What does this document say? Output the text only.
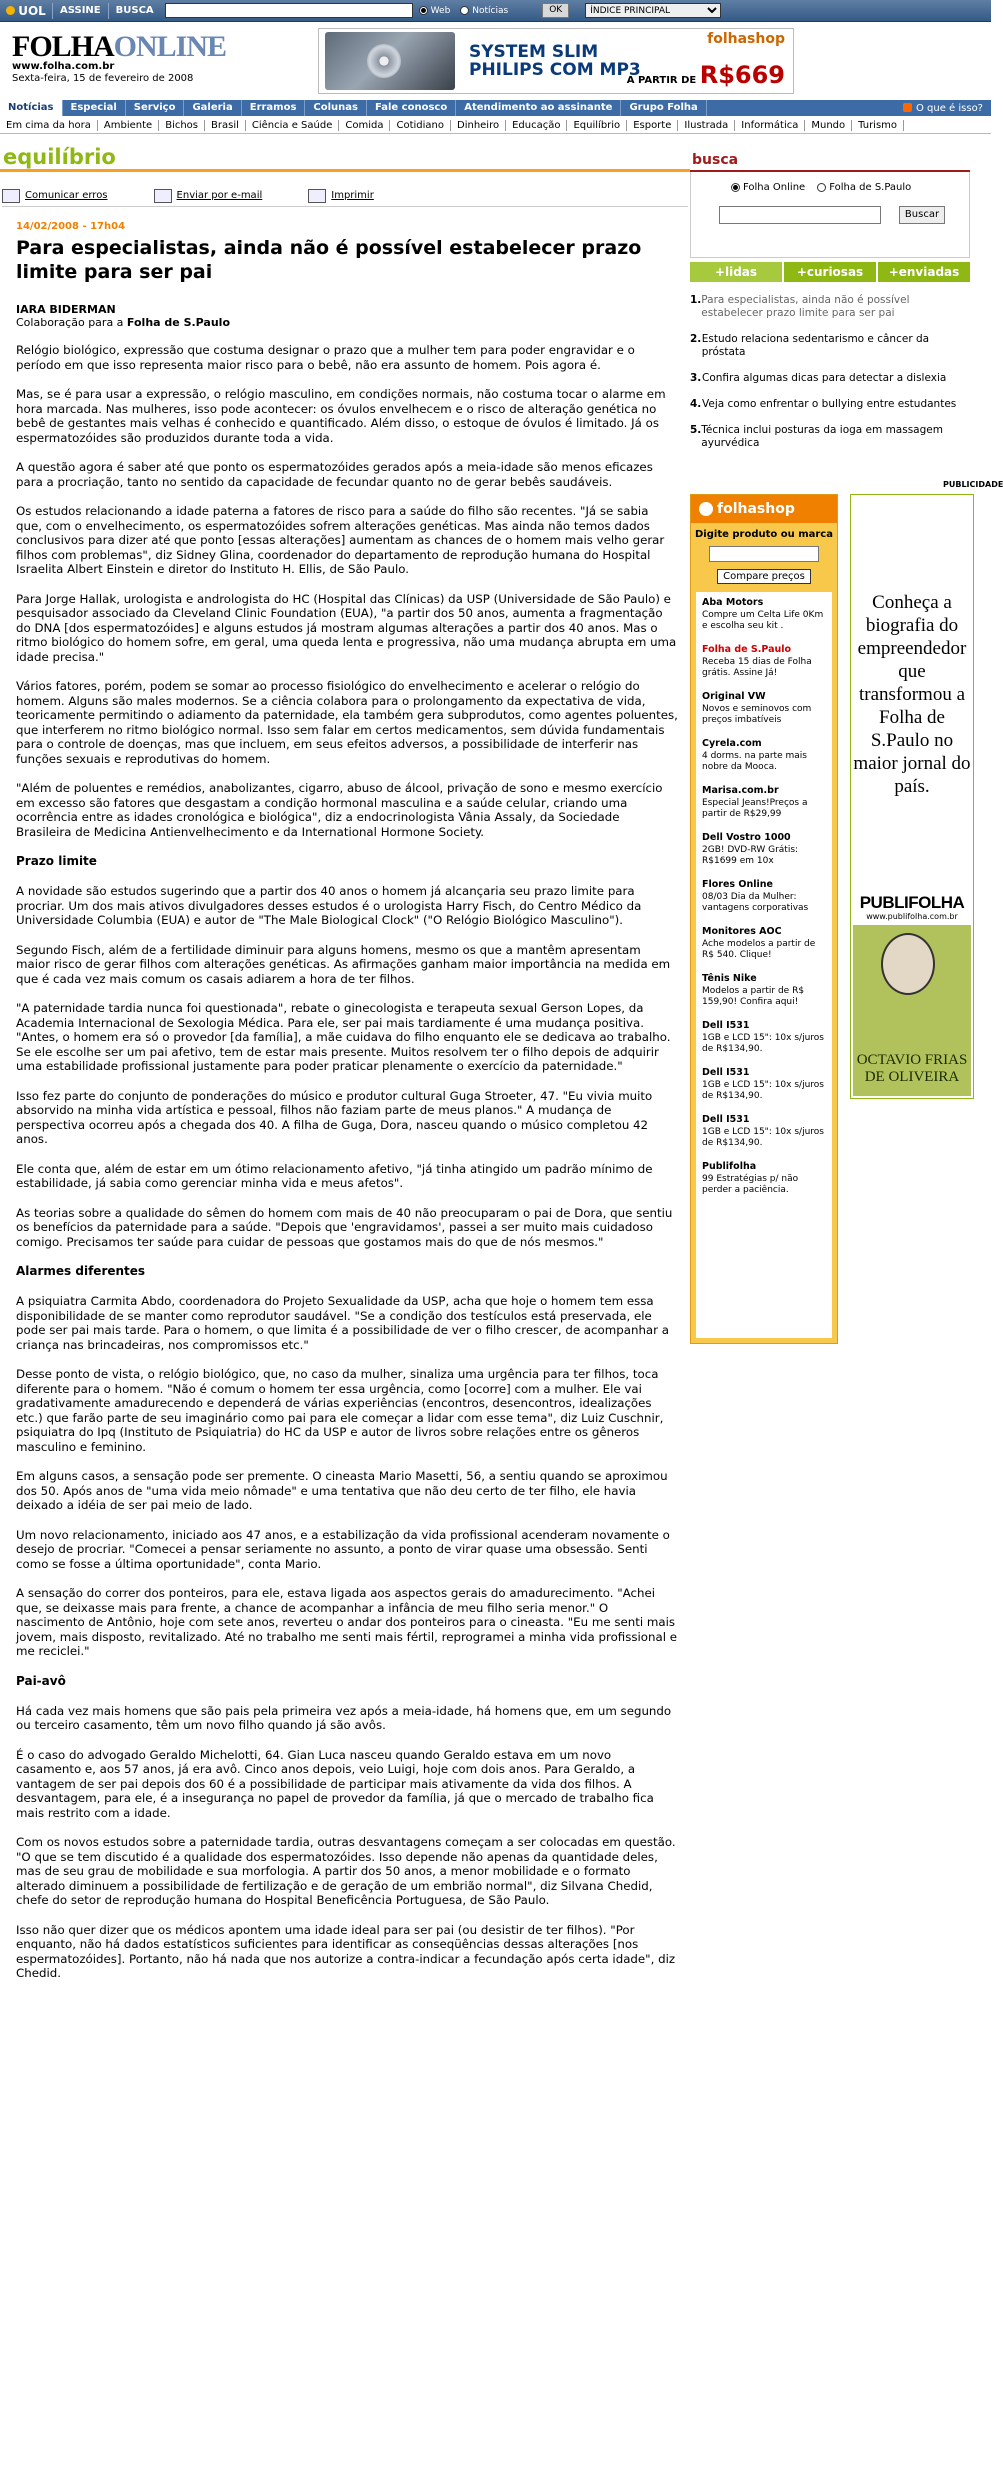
UOL	ASSINE	BUSCA	Web Notícias	OK
ÍNDICE PRINCIPAL
FOLHAONLINE
www.folha.com.br
Sexta-feira, 15 de fevereiro de 2008
SYSTEM SLIM PHILIPS COM MP3
folhashop
A PARTIR DE R$669
Notícias	Especial	Serviço	Galeria	Erramos	Colunas	Fale conosco	Atendimento ao assinante	Grupo Folha	O que é isso?
Em cima da hora	Ambiente	Bichos	Brasil	Ciência e Saúde	Comida	Cotidiano	Dinheiro	Educação	Equilíbrio	Esporte	Ilustrada	Informática	Mundo	Turismo
equilíbrio
Comunicar erros	Enviar por e-mail	Imprimir
14/02/2008 - 17h04
Para especialistas, ainda não é possível estabelecer prazo limite para ser pai
IARA BIDERMAN
Colaboração para a Folha de S.Paulo

Relógio biológico, expressão que costuma designar o prazo que a mulher tem para poder engravidar e o período em que isso representa maior risco para o bebê, não era assunto de homem. Pois agora é.

Mas, se é para usar a expressão, o relógio masculino, em condições normais, não costuma tocar o alarme em hora marcada. Nas mulheres, isso pode acontecer: os óvulos envelhecem e o risco de alteração genética no bebê de gestantes mais velhas é conhecido e quantificado. Além disso, o estoque de óvulos é limitado. Já os espermatozóides são produzidos durante toda a vida.

A questão agora é saber até que ponto os espermatozóides gerados após a meia-idade são menos eficazes para a procriação, tanto no sentido da capacidade de fecundar quanto no de gerar bebês saudáveis.

Os estudos relacionando a idade paterna a fatores de risco para a saúde do filho são recentes. "Já se sabia que, com o envelhecimento, os espermatozóides sofrem alterações genéticas. Mas ainda não temos dados conclusivos para dizer até que ponto [essas alterações] aumentam as chances de o homem mais velho gerar filhos com problemas", diz Sidney Glina, coordenador do departamento de reprodução humana do Hospital Israelita Albert Einstein e diretor do Instituto H. Ellis, de São Paulo.

Para Jorge Hallak, urologista e andrologista do HC (Hospital das Clínicas) da USP (Universidade de São Paulo) e pesquisador associado da Cleveland Clinic Foundation (EUA), "a partir dos 50 anos, aumenta a fragmentação do DNA [dos espermatozóides] e alguns estudos já mostram algumas alterações a partir dos 40 anos. Mas o ritmo biológico do homem sofre, em geral, uma queda lenta e progressiva, não uma mudança abrupta em uma idade precisa."

Vários fatores, porém, podem se somar ao processo fisiológico do envelhecimento e acelerar o relógio do homem. Alguns são males modernos. Se a ciência colabora para o prolongamento da expectativa de vida, teoricamente permitindo o adiamento da paternidade, ela também gera subprodutos, como agentes poluentes, que interferem no ritmo biológico normal. Isso sem falar em certos medicamentos, sem dúvida fundamentais para o controle de doenças, mas que incluem, em seus efeitos adversos, a possibilidade de interferir nas funções sexuais e reprodutivas do homem.

"Além de poluentes e remédios, anabolizantes, cigarro, abuso de álcool, privação de sono e mesmo exercício em excesso são fatores que desgastam a condição hormonal masculina e a saúde celular, criando uma ocorrência entre as idades cronológica e biológica", diz a endocrinologista Vânia Assaly, da Sociedade Brasileira de Medicina Antienvelhecimento e da International Hormone Society.

Prazo limite

A novidade são estudos sugerindo que a partir dos 40 anos o homem já alcançaria seu prazo limite para procriar. Um dos mais ativos divulgadores desses estudos é o urologista Harry Fisch, do Centro Médico da Universidade Columbia (EUA) e autor de "The Male Biological Clock" ("O Relógio Biológico Masculino").

Segundo Fisch, além de a fertilidade diminuir para alguns homens, mesmo os que a mantêm apresentam maior risco de gerar filhos com alterações genéticas. As afirmações ganham maior importância na medida em que é cada vez mais comum os casais adiarem a hora de ter filhos.

"A paternidade tardia nunca foi questionada", rebate o ginecologista e terapeuta sexual Gerson Lopes, da Academia Internacional de Sexologia Médica. Para ele, ser pai mais tardiamente é uma mudança positiva. "Antes, o homem era só o provedor [da família], a mãe cuidava do filho enquanto ele se dedicava ao trabalho. Se ele escolhe ser um pai afetivo, tem de estar mais presente. Muitos resolvem ter o filho depois de adquirir uma estabilidade profissional justamente para poder praticar plenamente o exercício da paternidade."

Isso fez parte do conjunto de ponderações do músico e produtor cultural Guga Stroeter, 47. "Eu vivia muito absorvido na minha vida artística e pessoal, filhos não faziam parte de meus planos." A mudança de perspectiva ocorreu após a chegada dos 40. A filha de Guga, Dora, nasceu quando o músico completou 42 anos.

Ele conta que, além de estar em um ótimo relacionamento afetivo, "já tinha atingido um padrão mínimo de estabilidade, já sabia como gerenciar minha vida e meus afetos".

As teorias sobre a qualidade do sêmen do homem com mais de 40 não preocuparam o pai de Dora, que sentiu os benefícios da paternidade para a saúde. "Depois que 'engravidamos', passei a ser muito mais cuidadoso comigo. Precisamos ter saúde para cuidar de pessoas que gostamos mais do que de nós mesmos."

Alarmes diferentes

A psiquiatra Carmita Abdo, coordenadora do Projeto Sexualidade da USP, acha que hoje o homem tem essa disponibilidade de se manter como reprodutor saudável. "Se a condição dos testículos está preservada, ele pode ser pai mais tarde. Para o homem, o que limita é a possibilidade de ver o filho crescer, de acompanhar a criança nas brincadeiras, nos compromissos etc."

Desse ponto de vista, o relógio biológico, que, no caso da mulher, sinaliza uma urgência para ter filhos, toca diferente para o homem. "Não é comum o homem ter essa urgência, como [ocorre] com a mulher. Ele vai gradativamente amadurecendo e dependerá de várias experiências (encontros, desencontros, idealizações etc.) que farão parte de seu imaginário como pai para ele começar a lidar com esse tema", diz Luiz Cuschnir, psiquiatra do Ipq (Instituto de Psiquiatria) do HC da USP e autor de livros sobre relações entre os gêneros masculino e feminino.

Em alguns casos, a sensação pode ser premente. O cineasta Mario Masetti, 56, a sentiu quando se aproximou dos 50. Após anos de "uma vida meio nômade" e uma tentativa que não deu certo de ter filho, ele havia deixado a idéia de ser pai meio de lado.

Um novo relacionamento, iniciado aos 47 anos, e a estabilização da vida profissional acenderam novamente o desejo de procriar. "Comecei a pensar seriamente no assunto, a ponto de virar quase uma obsessão. Senti como se fosse a última oportunidade", conta Mario.

A sensação do correr dos ponteiros, para ele, estava ligada aos aspectos gerais do amadurecimento. "Achei que, se deixasse mais para frente, a chance de acompanhar a infância de meu filho seria menor." O nascimento de Antônio, hoje com sete anos, reverteu o andar dos ponteiros para o cineasta. "Eu me senti mais jovem, mais disposto, revitalizado. Até no trabalho me senti mais fértil, reprogramei a minha vida profissional e me reciclei."

Pai-avô

Há cada vez mais homens que são pais pela primeira vez após a meia-idade, há homens que, em um segundo ou terceiro casamento, têm um novo filho quando já são avôs.

É o caso do advogado Geraldo Michelotti, 64. Gian Luca nasceu quando Geraldo estava em um novo casamento e, aos 57 anos, já era avô. Cinco anos depois, veio Luigi, hoje com dois anos. Para Geraldo, a vantagem de ser pai depois dos 60 é a possibilidade de participar mais ativamente da vida dos filhos. A desvantagem, para ele, é a insegurança no papel de provedor da família, já que o mercado de trabalho fica mais restrito com a idade.

Com os novos estudos sobre a paternidade tardia, outras desvantagens começam a ser colocadas em questão. "O que se tem discutido é a qualidade dos espermatozóides. Isso depende não apenas da quantidade deles, mas de seu grau de mobilidade e sua morfologia. A partir dos 50 anos, a menor mobilidade e o formato alterado diminuem a possibilidade de fertilização e de geração de um embrião normal", diz Silvana Chedid, chefe do setor de reprodução humana do Hospital Beneficência Portuguesa, de São Paulo.

Isso não quer dizer que os médicos apontem uma idade ideal para ser pai (ou desistir de ter filhos). "Por enquanto, não há dados estatísticos suficientes para identificar as conseqüências dessas alterações [nos espermatozóides]. Portanto, não há nada que nos autorize a contra-indicar a fecundação após certa idade", diz Chedid.

busca
Folha Online Folha de S.Paulo
Buscar
+lidas	+curiosas	+enviadas
1. Para especialistas, ainda não é possível estabelecer prazo limite para ser pai
2. Estudo relaciona sedentarismo e câncer da próstata
3. Confira algumas dicas para detectar a dislexia
4. Veja como enfrentar o bullying entre estudantes
5. Técnica inclui posturas da ioga em massagem ayurvédica
PUBLICIDADE
folhashop
Digite produto ou marca
Compare preços
Aba Motors
Compre um Celta Life 0Km e escolha seu kit .
Folha de S.Paulo
Receba 15 dias de Folha grátis. Assine Já!
Original VW
Novos e seminovos com preços imbatíveis
Cyrela.com
4 dorms. na parte mais nobre da Mooca.
Marisa.com.br
Especial Jeans!Preços a partir de R$29,99
Dell Vostro 1000
2GB! DVD-RW Grátis: R$1699 em 10x
Flores Online
08/03 Dia da Mulher: vantagens corporativas
Monitores AOC
Ache modelos a partir de R$ 540. Clique!
Tênis Nike
Modelos a partir de R$ 159,90! Confira aqui!
Dell I531
1GB e LCD 15": 10x s/juros de R$134,90.
Dell I531
1GB e LCD 15": 10x s/juros de R$134,90.
Dell I531
1GB e LCD 15": 10x s/juros de R$134,90.
Publifolha
99 Estratégias p/ não perder a paciência.
Conheça a biografia do empreendedor que transformou a Folha de S.Paulo no maior jornal do país.
PUBLIFOLHA
www.publifolha.com.br
OCTAVIO FRIAS DE OLIVEIRA
